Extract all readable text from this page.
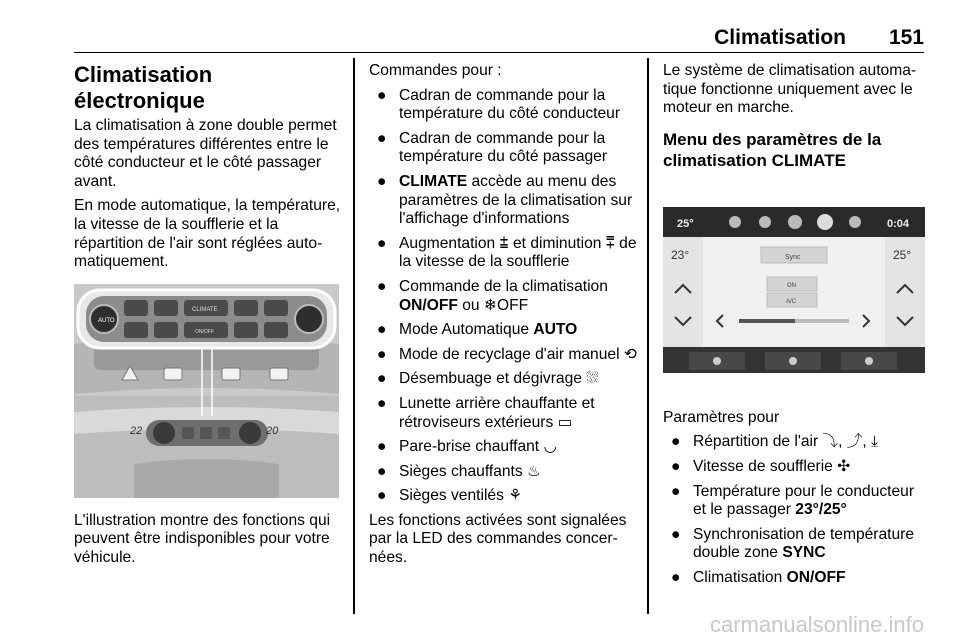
Climatisation 151
Climatisation électronique

La climatisation à zone double permet des températures différentes entre le côté conducteur et le côté passager avant.

En mode automatique, la température, la vitesse de la soufflerie et la répartition de l'air sont réglées automatiquement.

22	20
AUTO
CLIMATE
ON/OFF

L'illustration montre des fonctions qui peuvent être indisponibles pour votre véhicule.

Commandes pour :

● Cadran de commande pour la température du côté conducteur
● Cadran de commande pour la température du côté passager
● CLIMATE accède au menu des paramètres de la climatisation sur l'affichage d'informations
● Augmentation ⩲ et diminution ⩱ de la vitesse de la soufflerie
● Commande de la climatisation ON/OFF ou ❄OFF
● Mode Automatique AUTO
● Mode de recyclage d'air manuel ⟲
● Désembuage et dégivrage ⛆
● Lunette arrière chauffante et rétroviseurs extérieurs ▭
● Pare-brise chauffant ◡
● Sièges chauffants ♨
● Sièges ventilés ⚘

Les fonctions activées sont signalées par la LED des commandes concernées.

Le système de climatisation automatique fonctionne uniquement avec le moteur en marche.

Menu des paramètres de la climatisation CLIMATE
25°	0:04
23°	25°
Sync
ON
A/C

Paramètres pour

● Répartition de l'air ⤵, ⤴, ⤓
● Vitesse de soufflerie ✣
● Température pour le conducteur et le passager 23°/25°
● Synchronisation de température double zone SYNC
● Climatisation ON/OFF
carmanualsonline.info
